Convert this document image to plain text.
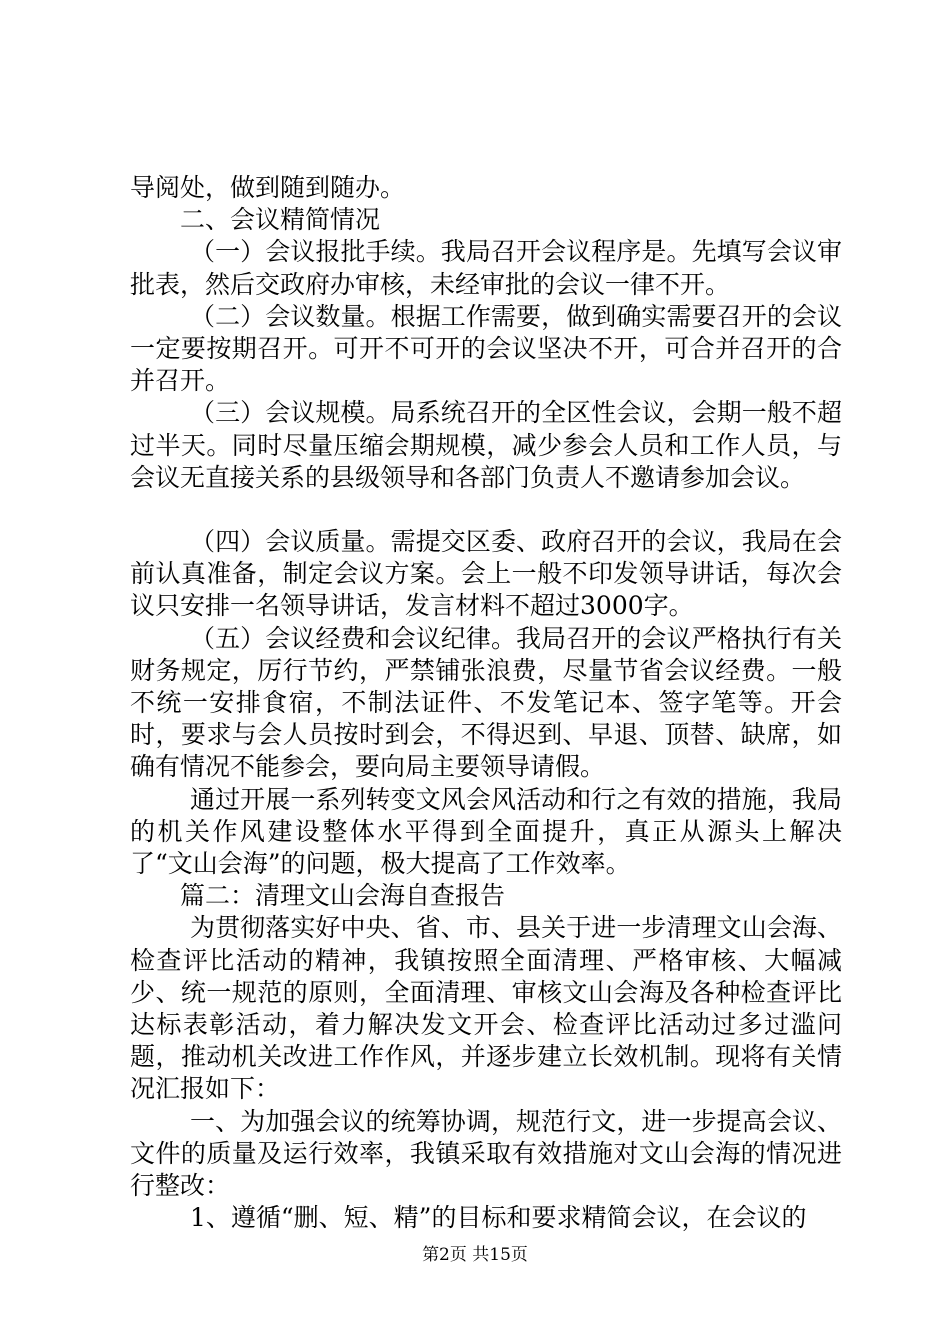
导阅处，做到随到随办。

二、会议精简情况

（一）会议报批手续。我局召开会议程序是。先填写会议审批表，然后交政府办审核，未经审批的会议一律不开。

（二）会议数量。根据工作需要，做到确实需要召开的会议一定要按期召开。可开不可开的会议坚决不开，可合并召开的合并召开。

（三）会议规模。局系统召开的全区性会议，会期一般不超过半天。同时尽量压缩会期规模，减少参会人员和工作人员，与会议无直接关系的县级领导和各部门负责人不邀请参加会议。

（四）会议质量。需提交区委、政府召开的会议，我局在会前认真准备，制定会议方案。会上一般不印发领导讲话，每次会议只安排一名领导讲话，发言材料不超过3000字。

（五）会议经费和会议纪律。我局召开的会议严格执行有关财务规定，厉行节约，严禁铺张浪费，尽量节省会议经费。一般不统一安排食宿，不制法证件、不发笔记本、签字笔等。开会时，要求与会人员按时到会，不得迟到、早退、顶替、缺席，如确有情况不能参会，要向局主要领导请假。

通过开展一系列转变文风会风活动和行之有效的措施，我局的机关作风建设整体水平得到全面提升，真正从源头上解决了“文山会海”的问题，极大提高了工作效率。

篇二：清理文山会海自查报告

为贯彻落实好中央、省、市、县关于进一步清理文山会海、检查评比活动的精神，我镇按照全面清理、严格审核、大幅减少、统一规范的原则，全面清理、审核文山会海及各种检查评比达标表彰活动，着力解决发文开会、检查评比活动过多过滥问题，推动机关改进工作作风，并逐步建立长效机制。现将有关情况汇报如下：

一、为加强会议的统筹协调，规范行文，进一步提高会议、文件的质量及运行效率，我镇采取有效措施对文山会海的情况进行整改：

1、遵循“删、短、精”的目标和要求精简会议，在会议的

第2页 共15页
